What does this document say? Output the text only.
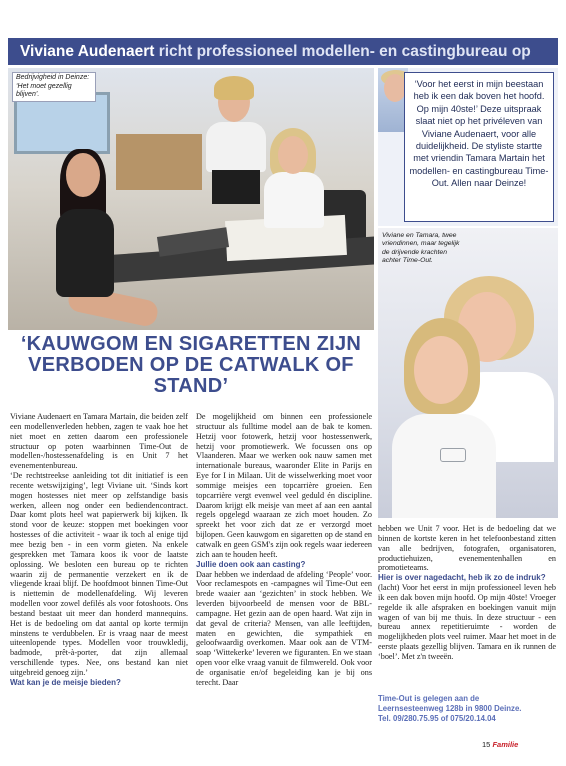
Viviane Audenaert richt professioneel modellen- en castingbureau op
Bedrijvigheid in Deinze:
‘Het moet gezellig blijven’.
‘Voor het eerst in mijn beestaan heb ik een dak boven het hoofd. Op mijn 40ste!’ Deze uitspraak slaat niet op het privéleven van Viviane Audenaert, voor alle duidelijkheid. De styliste startte met vriendin Tamara Martain het modellen- en castingbureau Time-Out. Allen naar Deinze!
‘KAUWGOM EN SIGARETTEN ZIJN VERBODEN OP DE CATWALK OF STAND’
Viviane en Tamara, twee vriendinnen, maar tegelijk de drijvende krachten achter Time-Out.

Viviane Audenaert en Tamara Martain, die beiden zelf een modellenverleden hebben, zagen te vaak hoe het niet moet en zetten daarom een professionele structuur op poten waarbinnen Time-Out de modellen-/hostessenafdeling is en Unit 7 het evenementenbureau.

‘De rechtstreekse aanleiding tot dit initiatief is een recente wetswijziging’, legt Viviane uit. ‘Sinds kort mogen hostesses niet meer op zelfstandige basis werken, alleen nog onder een bediendencontract. Daar komt plots heel wat papierwerk bij kijken. Ik stond voor de keuze: stoppen met boekingen voor hostesses of die activiteit - waar ik toch al enige tijd mee bezig ben - in een vorm gieten. Na enkele gesprekken met Tamara koos ik voor de laatste oplossing. We besloten een bureau op te richten waarin zij de permanentie verzekert en ik de vliegende kraai blijf. De hoofdmoot binnen Time-Out is niettemin de modellenafdeling. Wij leveren modellen voor zowel defilés als voor fotoshoots. Ons bestand bestaat uit meer dan honderd mannequins. Het is de bedoeling om dat aantal op korte termijn minstens te verdubbelen. Er is vraag naar de meest uiteenlopende types. Modellen voor trouwkledij, badmode, prêt-à-porter, dat zijn allemaal verschillende types. Nee, ons bestand kan niet uitgebreid genoeg zijn.’

Wat kan je de meisje bieden?

De mogelijkheid om binnen een professionele structuur als fulltime model aan de bak te komen. Hetzij voor fotowerk, hetzij voor hostessenwerk, hetzij voor promotiewerk. We focussen ons op Vlaanderen. Maar we werken ook nauw samen met internationale bureaus, waaronder Elite in Parijs en Eye for I in Milaan. Uit de wisselwerking moet voor sommige meisjes een topcarrière groeien. Een topcarrière vergt evenwel veel geduld én discipline. Daarom krijgt elk meisje van meet af aan een aantal regels opgelegd waaraan ze zich moet houden. Zo spreekt het voor zich dat ze er verzorgd moet bijlopen. Geen kauwgom en sigaretten op de stand en catwalk en geen GSM's zijn ook regels waar iedereen zich aan te houden heeft.

Jullie doen ook aan casting?

Daar hebben we inderdaad de afdeling ‘People’ voor. Voor reclamespots en -campagnes wil Time-Out een brede waaier aan ‘gezichten’ in stock hebben. We leverden bijvoorbeeld de mensen voor de BBL-campagne. Het gezin aan de open haard. Wat zijn in dat geval de criteria? Mensen, van alle leeftijden, maten en gewichten, die sympathiek en geloofwaardig overkomen. Maar ook aan de VTM-soap ‘Wittekerke’ leveren we figuranten. En we staan open voor elke vraag vanuit de filmwereld. Ook voor de organisatie en/of begeleiding kan je bij ons terecht. Daar

hebben we Unit 7 voor. Het is de bedoeling dat we binnen de kortste keren in het telefoonbestand zitten van alle bedrijven, fotografen, organisatoren, productiehuizen, evenementenhallen en promotieteams.

Hier is over nagedacht, heb ik zo de indruk?

(lacht) Voor het eerst in mijn professioneel leven heb ik een dak boven mijn hoofd. Op mijn 40ste! Vroeger regelde ik alle afspraken en boekingen vanuit mijn wagen of van bij me thuis. In deze structuur - een bureau annex repetitieruimte - worden de mogelijkheden plots veel ruimer. Maar het moet in de eerste plaats gezellig blijven. Tamara en ik runnen de ‘boel’. Met z'n tweeën.

Time-Out is gelegen aan de
Leernsesteenweg 128b in 9800 Deinze.
Tel. 09/280.75.95 of 075/20.14.04
15 Familie
